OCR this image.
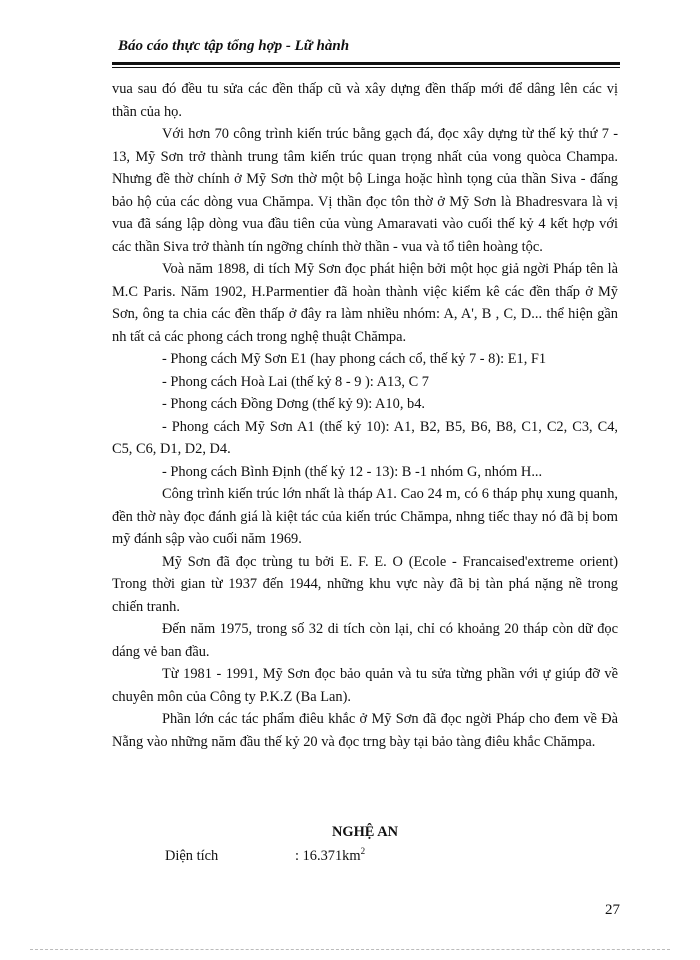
Báo cáo thực tập tổng hợp - Lữ hành

vua sau đó đều tu sửa các đền thấp cũ và xây dựng đền thấp mới để dâng lên các vị thần của họ.

Với hơn 70 công trình kiến trúc bằng gạch đá, đọc xây dựng từ thế kỷ thứ 7 - 13, Mỹ Sơn trở thành trung tâm kiến trúc quan trọng nhất của vong quòca Champa. Nhưng đề thờ chính ở Mỹ Sơn thờ một bộ Linga hoặc hình tọng của thần Siva - đấng bảo hộ của các dòng vua Chămpa. Vị thần đọc tôn thờ ở Mỹ Sơn là Bhadresvara là vị vua đã sáng lập dòng vua đầu tiên của vùng Amaravati vào cuối thế kỷ 4 kết hợp với các thần Siva trở thành tín ngỡng chính thờ thần - vua và tổ tiên hoàng tộc.

Voà năm 1898, di tích Mỹ Sơn đọc phát hiện bởi một học giả ngời Pháp tên là M.C Paris. Năm 1902, H.Parmentier đã hoàn thành việc kiểm kê các đền thấp ở Mỹ Sơn, ông ta chia các đền thấp ở đây ra làm nhiều nhóm: A, A', B , C, D... thể hiện gần nh tất cả các phong cách trong nghệ thuật Chămpa.

- Phong cách Mỹ Sơn E1 (hay phong cách cổ, thế kỷ 7 - 8): E1, F1

- Phong cách Hoà Lai (thế kỷ 8 - 9 ): A13, C 7

- Phong cách Đồng Dơng (thế kỷ 9): A10, b4.

- Phong cách Mỹ Sơn A1 (thế kỷ 10): A1, B2, B5, B6, B8, C1, C2, C3, C4, C5, C6, D1, D2, D4.

- Phong cách Bình Định (thế kỷ 12 - 13): B -1 nhóm G, nhóm H...

Công trình kiến trúc lớn nhất là tháp A1. Cao 24 m, có 6 tháp phụ xung quanh, đền thờ này đọc đánh giá là kiệt tác của kiến trúc Chămpa, nhng tiếc thay nó đã bị bom mỹ đánh sập vào cuối năm 1969.

Mỹ Sơn đã đọc trùng tu bởi E. F. E. O (Ecole - Francaised'extreme orient) Trong thời gian từ 1937 đến 1944, những khu vực này đã bị tàn phá nặng nề trong chiến tranh.

Đến năm 1975, trong số 32 di tích còn lại, chỉ có khoảng 20 tháp còn dữ đọc dáng vẻ ban đầu.

Từ 1981 - 1991, Mỹ Sơn đọc bảo quản và tu sửa từng phần với ự giúp đỡ về chuyên môn của Công ty P.K.Z (Ba Lan).

Phần lớn các tác phẩm điêu khắc ở Mỹ Sơn đã đọc ngời Pháp cho đem về Đà Nẵng vào những năm đầu thế kỷ 20 và đọc trng bày tại bảo tàng điêu khắc Chămpa.

NGHỆ AN
Diện tích	: $16.371km^2$
27
